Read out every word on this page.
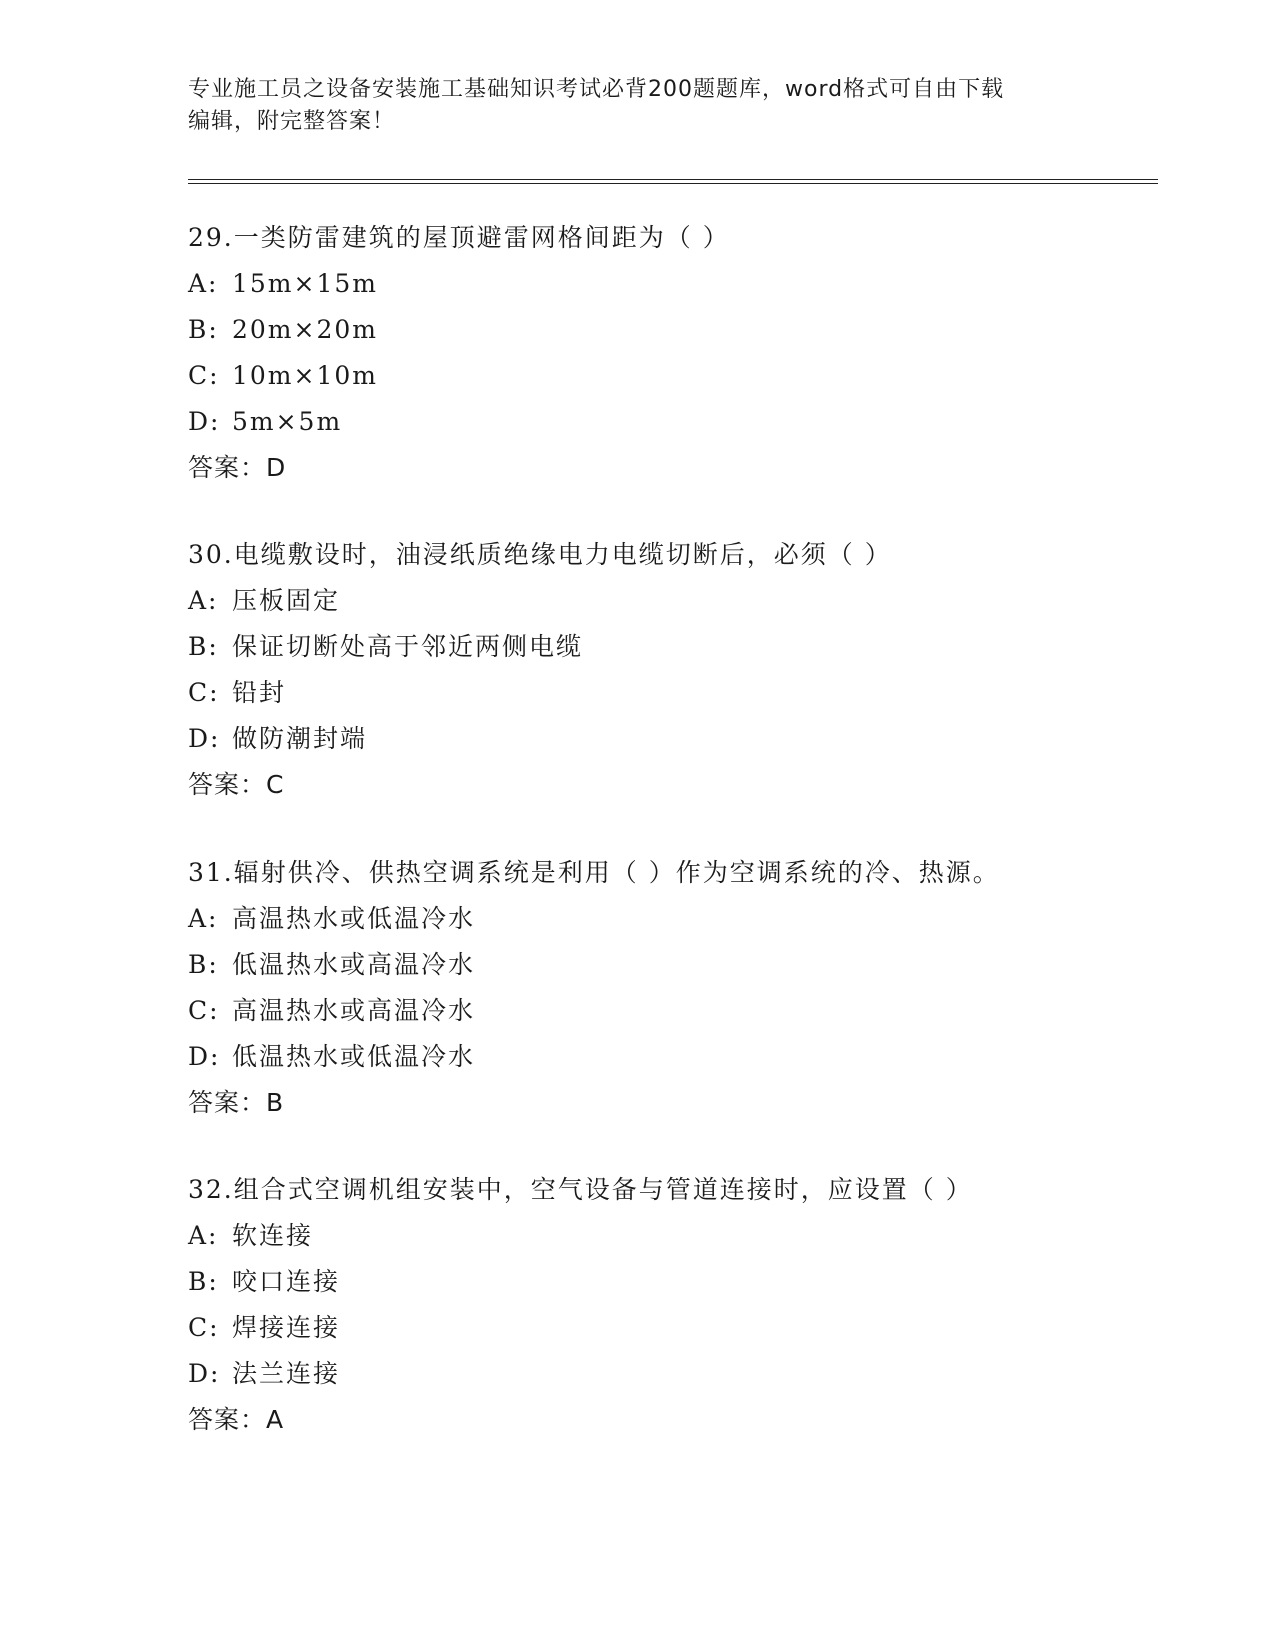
专业施工员之设备安装施工基础知识考试必背200题题库，word格式可自由下载
编辑，附完整答案！
29.一类防雷建筑的屋顶避雷网格间距为（ ）
A: 15m×15m
B: 20m×20m
C: 10m×10m
D: 5m×5m
答案：D
30.电缆敷设时，油浸纸质绝缘电力电缆切断后，必须（ ）
A: 压板固定
B: 保证切断处高于邻近两侧电缆
C: 铅封
D: 做防潮封端
答案：C
31.辐射供冷、供热空调系统是利用（ ）作为空调系统的冷、热源。
A: 高温热水或低温冷水
B: 低温热水或高温冷水
C: 高温热水或高温冷水
D: 低温热水或低温冷水
答案：B
32.组合式空调机组安装中，空气设备与管道连接时，应设置（ ）
A: 软连接
B: 咬口连接
C: 焊接连接
D: 法兰连接
答案：A
